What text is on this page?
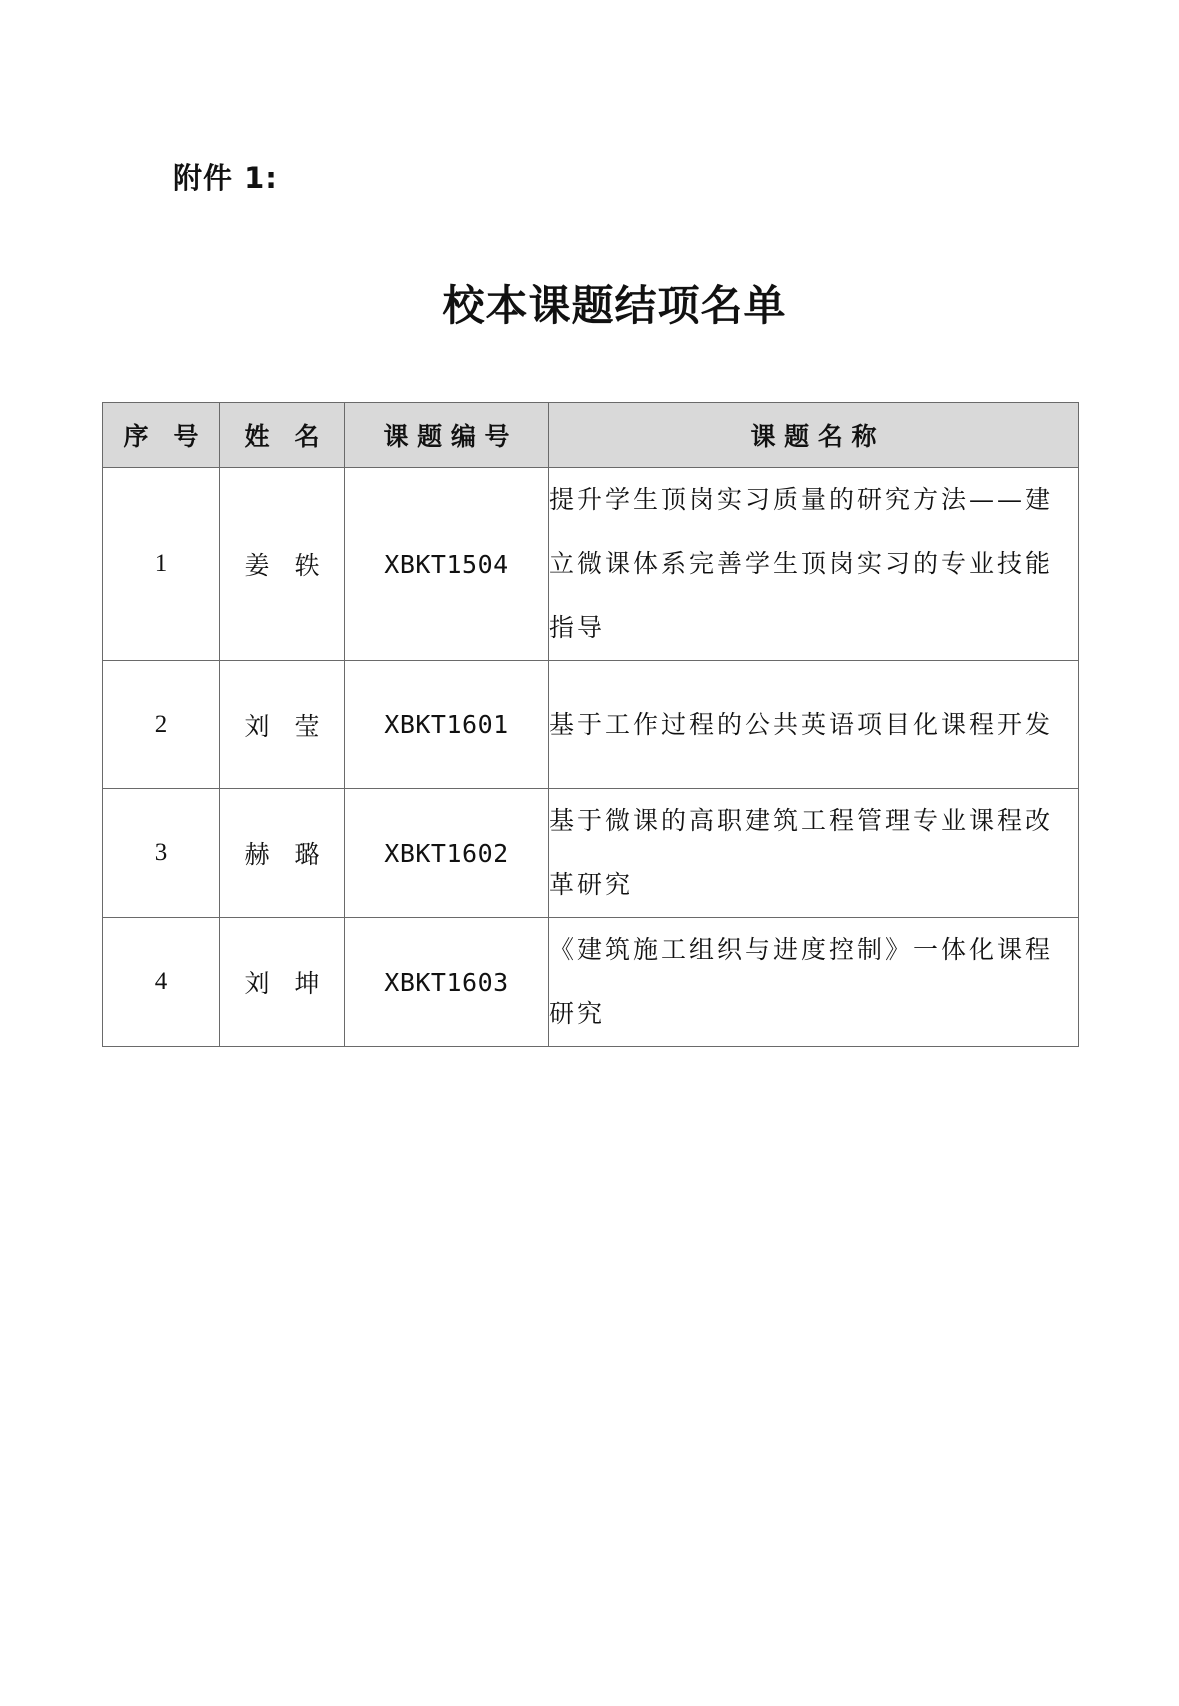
附件 1:
校本课题结项名单
序　号	姓　名	课 题 编 号	课 题 名 称
1	姜　轶	XBKT1504	提升学生顶岗实习质量的研究方法——建立微课体系完善学生顶岗实习的专业技能指导
2	刘　莹	XBKT1601	基于工作过程的公共英语项目化课程开发
3	赫　璐	XBKT1602	基于微课的高职建筑工程管理专业课程改革研究
4	刘　坤	XBKT1603	《建筑施工组织与进度控制》一体化课程研究
